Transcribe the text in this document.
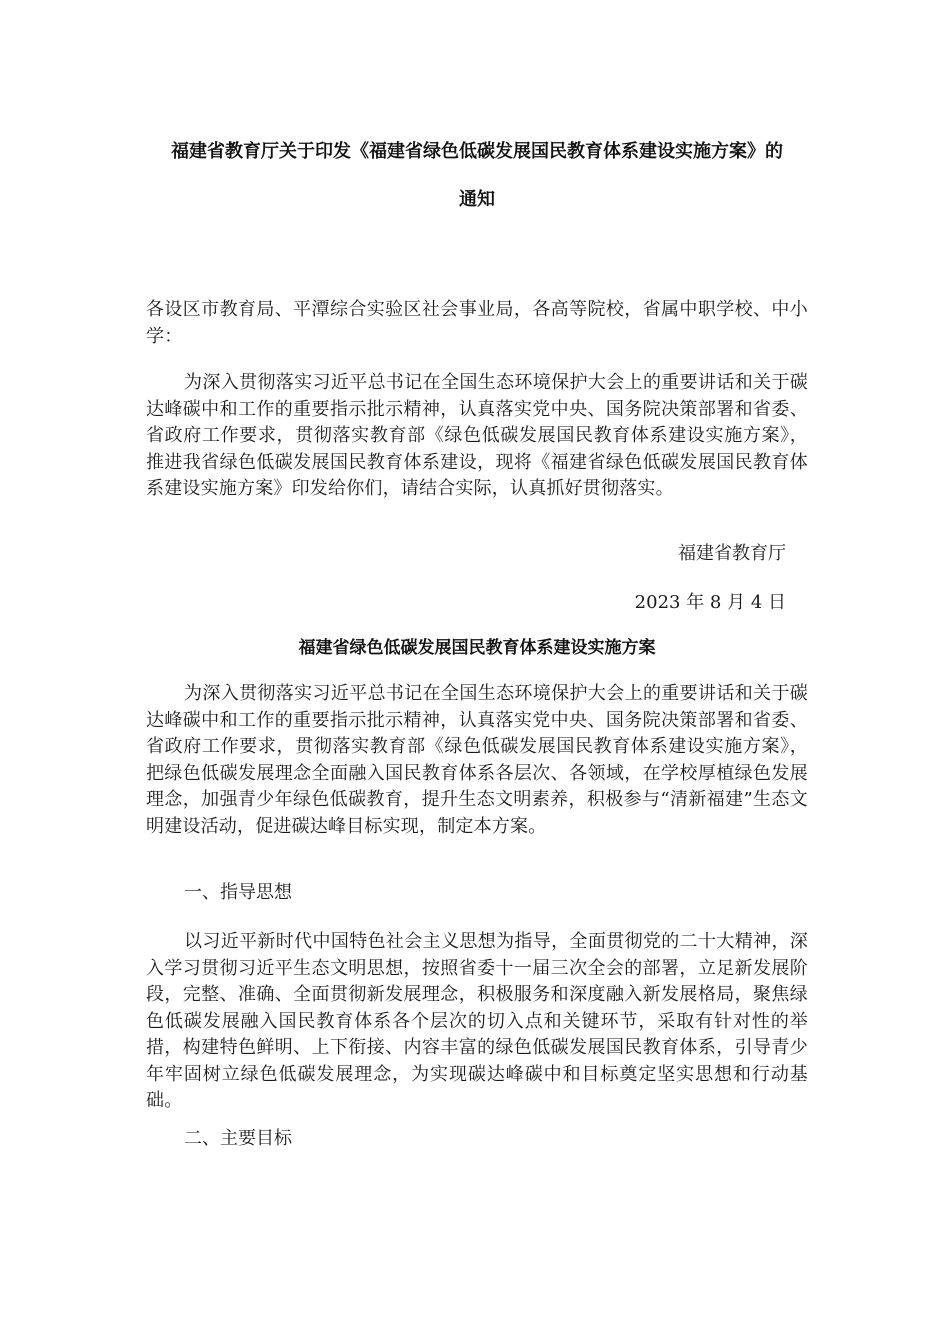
福建省教育厅关于印发《福建省绿色低碳发展国民教育体系建设实施方案》的
通知

各设区市教育局、平潭综合实验区社会事业局，各高等院校，省属中职学校、中小学：

为深入贯彻落实习近平总书记在全国生态环境保护大会上的重要讲话和关于碳达峰碳中和工作的重要指示批示精神，认真落实党中央、国务院决策部署和省委、省政府工作要求，贯彻落实教育部《绿色低碳发展国民教育体系建设实施方案》，推进我省绿色低碳发展国民教育体系建设，现将《福建省绿色低碳发展国民教育体系建设实施方案》印发给你们，请结合实际，认真抓好贯彻落实。

福建省教育厅
2023 年 8 月 4 日
福建省绿色低碳发展国民教育体系建设实施方案

为深入贯彻落实习近平总书记在全国生态环境保护大会上的重要讲话和关于碳达峰碳中和工作的重要指示批示精神，认真落实党中央、国务院决策部署和省委、省政府工作要求，贯彻落实教育部《绿色低碳发展国民教育体系建设实施方案》，把绿色低碳发展理念全面融入国民教育体系各层次、各领域，在学校厚植绿色发展理念，加强青少年绿色低碳教育，提升生态文明素养，积极参与“清新福建”生态文明建设活动，促进碳达峰目标实现，制定本方案。

一、指导思想

以习近平新时代中国特色社会主义思想为指导，全面贯彻党的二十大精神，深入学习贯彻习近平生态文明思想，按照省委十一届三次全会的部署，立足新发展阶段，完整、准确、全面贯彻新发展理念，积极服务和深度融入新发展格局，聚焦绿色低碳发展融入国民教育体系各个层次的切入点和关键环节，采取有针对性的举措，构建特色鲜明、上下衔接、内容丰富的绿色低碳发展国民教育体系，引导青少年牢固树立绿色低碳发展理念，为实现碳达峰碳中和目标奠定坚实思想和行动基础。

二、主要目标
